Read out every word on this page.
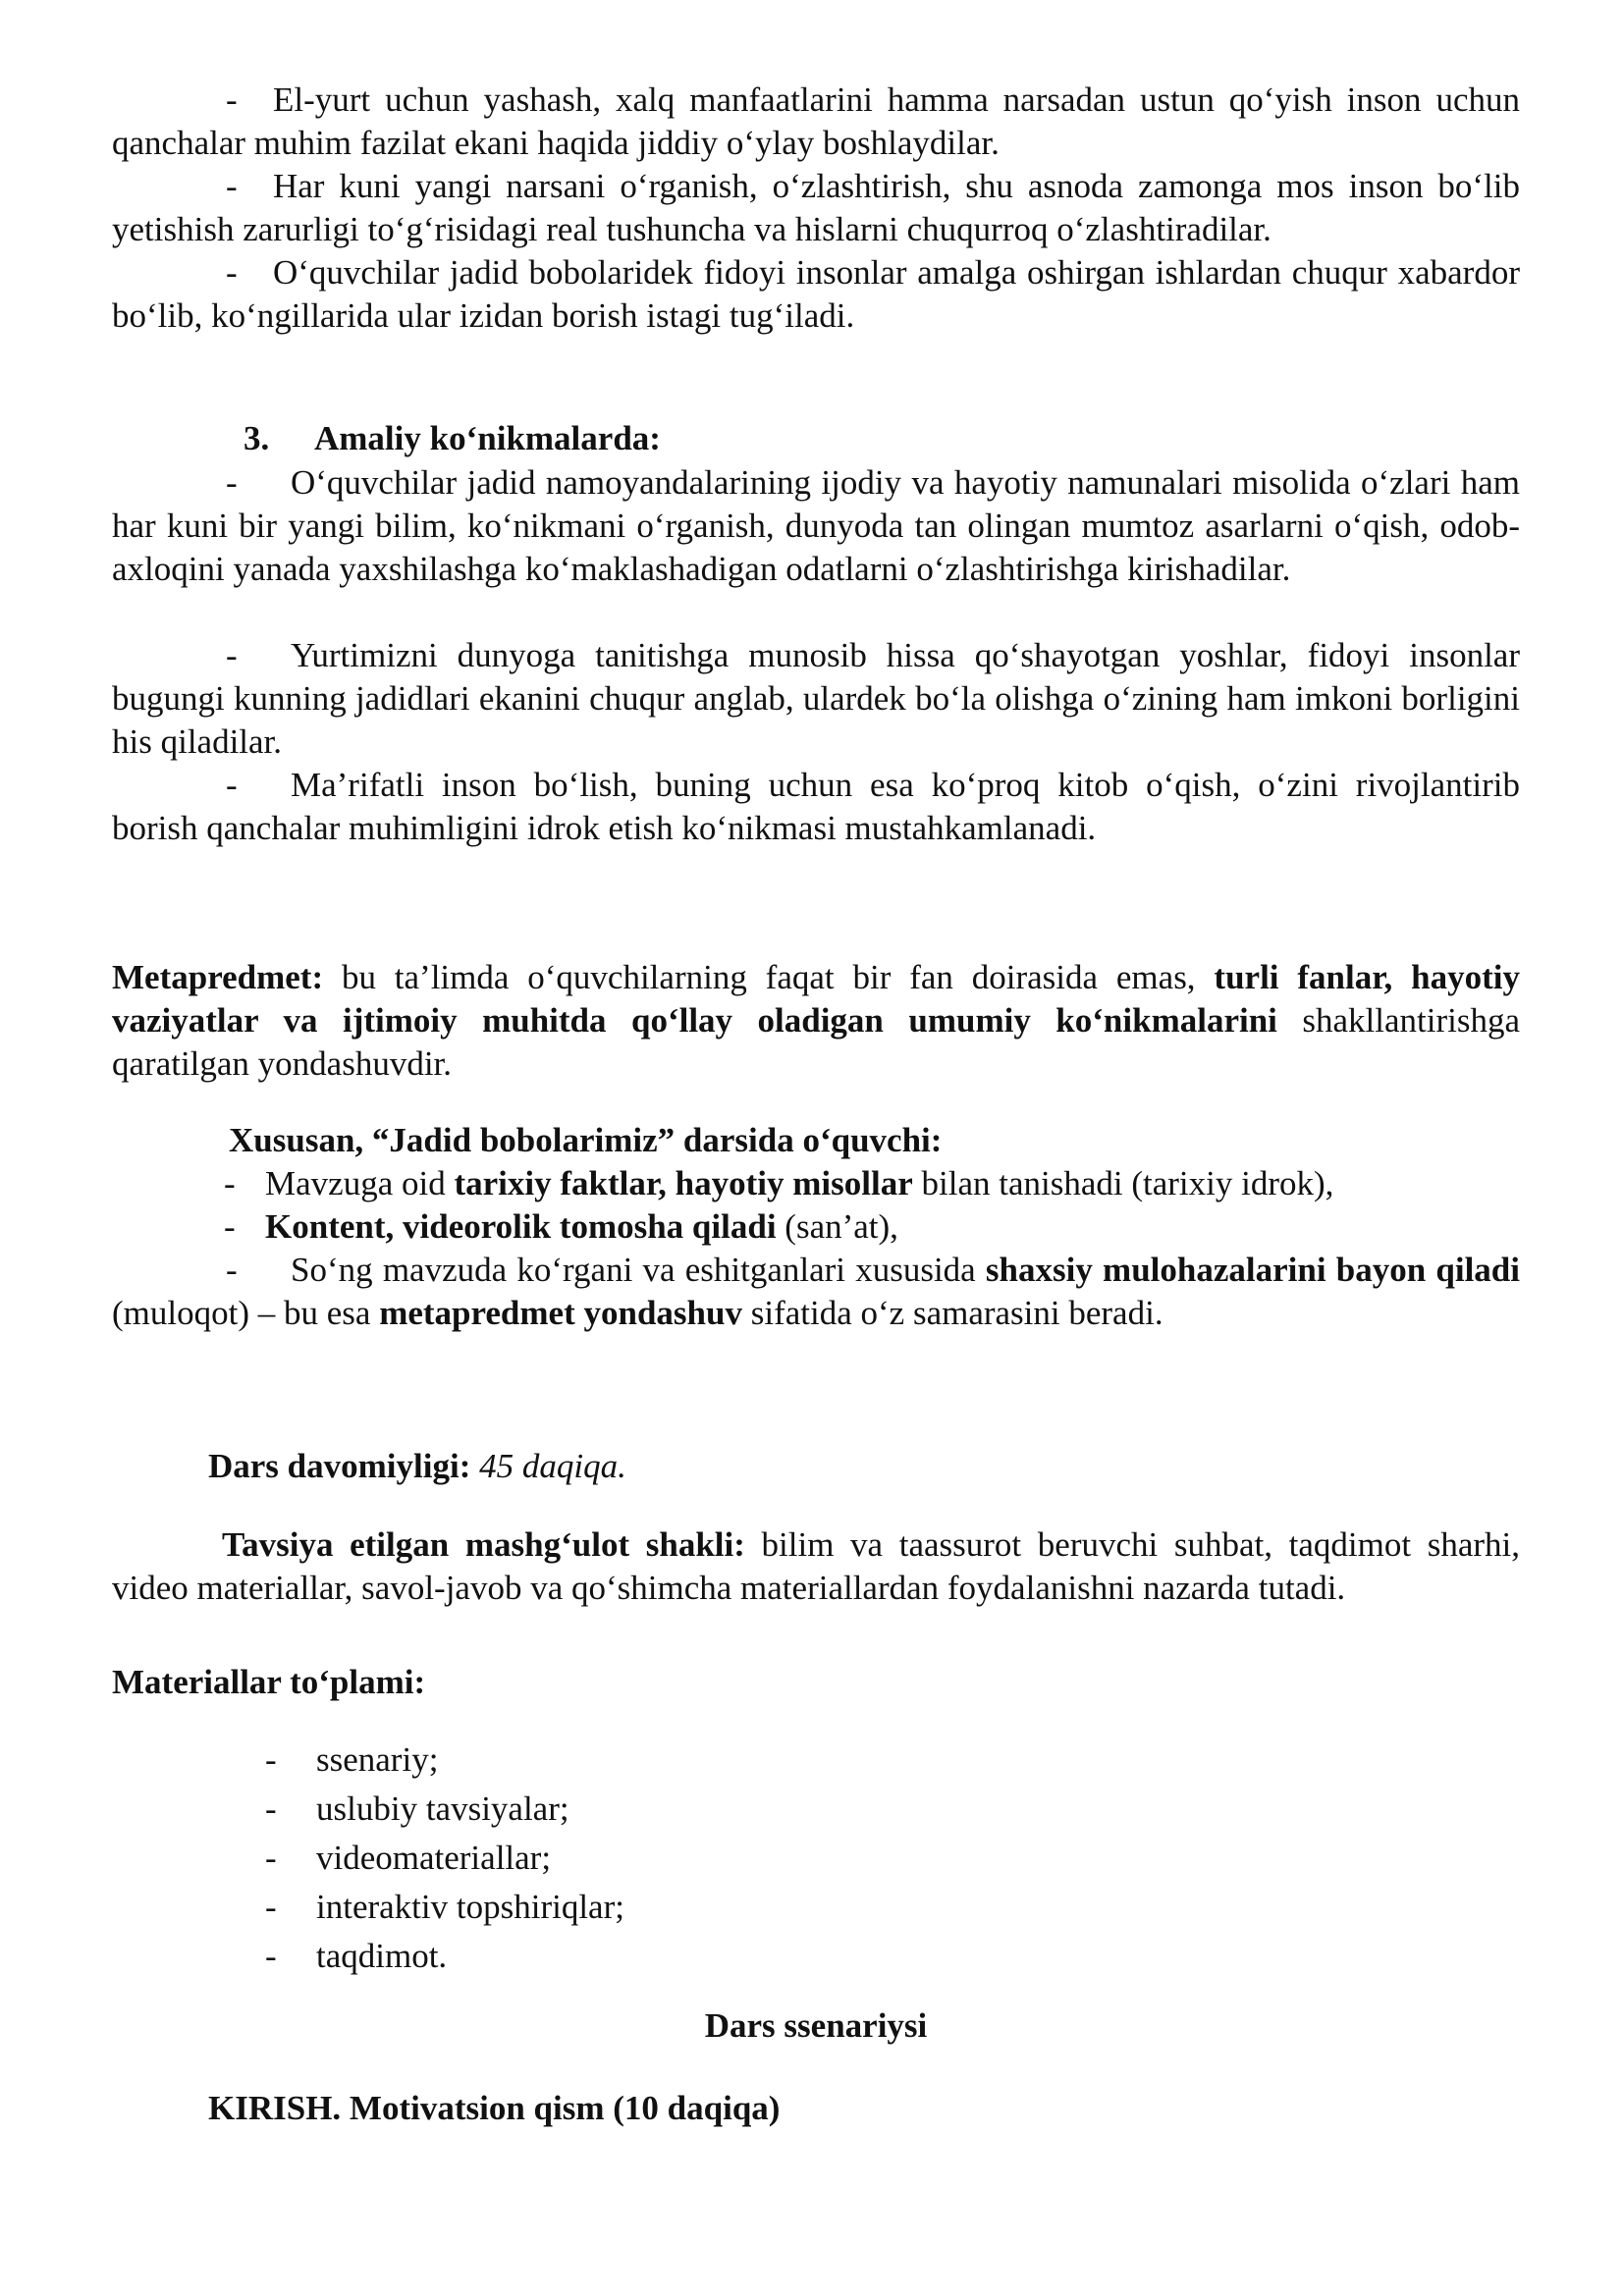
- El-yurt uchun yashash, xalq manfaatlarini hamma narsadan ustun qo‘yish inson uchun qanchalar muhim fazilat ekani haqida jiddiy o‘ylay boshlaydilar.

- Har kuni yangi narsani o‘rganish, o‘zlashtirish, shu asnoda zamonga mos inson bo‘lib yetishish zarurligi to‘g‘risidagi real tushuncha va hislarni chuqurroq o‘zlashtiradilar.

- O‘quvchilar jadid bobolaridek fidoyi insonlar amalga oshirgan ishlardan chuqur xabardor bo‘lib, ko‘ngillarida ular izidan borish istagi tug‘iladi.

3. Amaliy ko‘nikmalarda:

- O‘quvchilar jadid namoyandalarining ijodiy va hayotiy namunalari misolida o‘zlari ham har kuni bir yangi bilim, ko‘nikmani o‘rganish, dunyoda tan olingan mumtoz asarlarni o‘qish, odob-axloqini yanada yaxshilashga ko‘maklashadigan odatlarni o‘zlashtirishga kirishadilar.

- Yurtimizni dunyoga tanitishga munosib hissa qo‘shayotgan yoshlar, fidoyi insonlar bugungi kunning jadidlari ekanini chuqur anglab, ulardek bo‘la olishga o‘zining ham imkoni borligini his qiladilar.

- Ma’rifatli inson bo‘lish, buning uchun esa ko‘proq kitob o‘qish, o‘zini rivojlantirib borish qanchalar muhimligini idrok etish ko‘nikmasi mustahkamlanadi.

Metapredmet: bu ta’limda o‘quvchilarning faqat bir fan doirasida emas, turli fanlar, hayotiy vaziyatlar va ijtimoiy muhitda qo‘llay oladigan umumiy ko‘nikmalarini shakllantirishga qaratilgan yondashuvdir.

Xususan, “Jadid bobolarimiz” darsida o‘quvchi:
- Mavzuga oid tarixiy faktlar, hayotiy misollar bilan tanishadi (tarixiy idrok),
- Kontent, videorolik tomosha qiladi (san’at),

- So‘ng mavzuda ko‘rgani va eshitganlari xususida shaxsiy mulohazalarini bayon qiladi (muloqot) – bu esa metapredmet yondashuv sifatida o‘z samarasini beradi.

Dars davomiyligi: 45 daqiqa.

Tavsiya etilgan mashg‘ulot shakli: bilim va taassurot beruvchi suhbat, taqdimot sharhi, video materiallar, savol-javob va qo‘shimcha materiallardan foydalanishni nazarda tutadi.

Materiallar to‘plami:
- ssenariy;
- uslubiy tavsiyalar;
- videomateriallar;
- interaktiv topshiriqlar;
- taqdimot.
Dars ssenariysi
KIRISH. Motivatsion qism (10 daqiqa)
